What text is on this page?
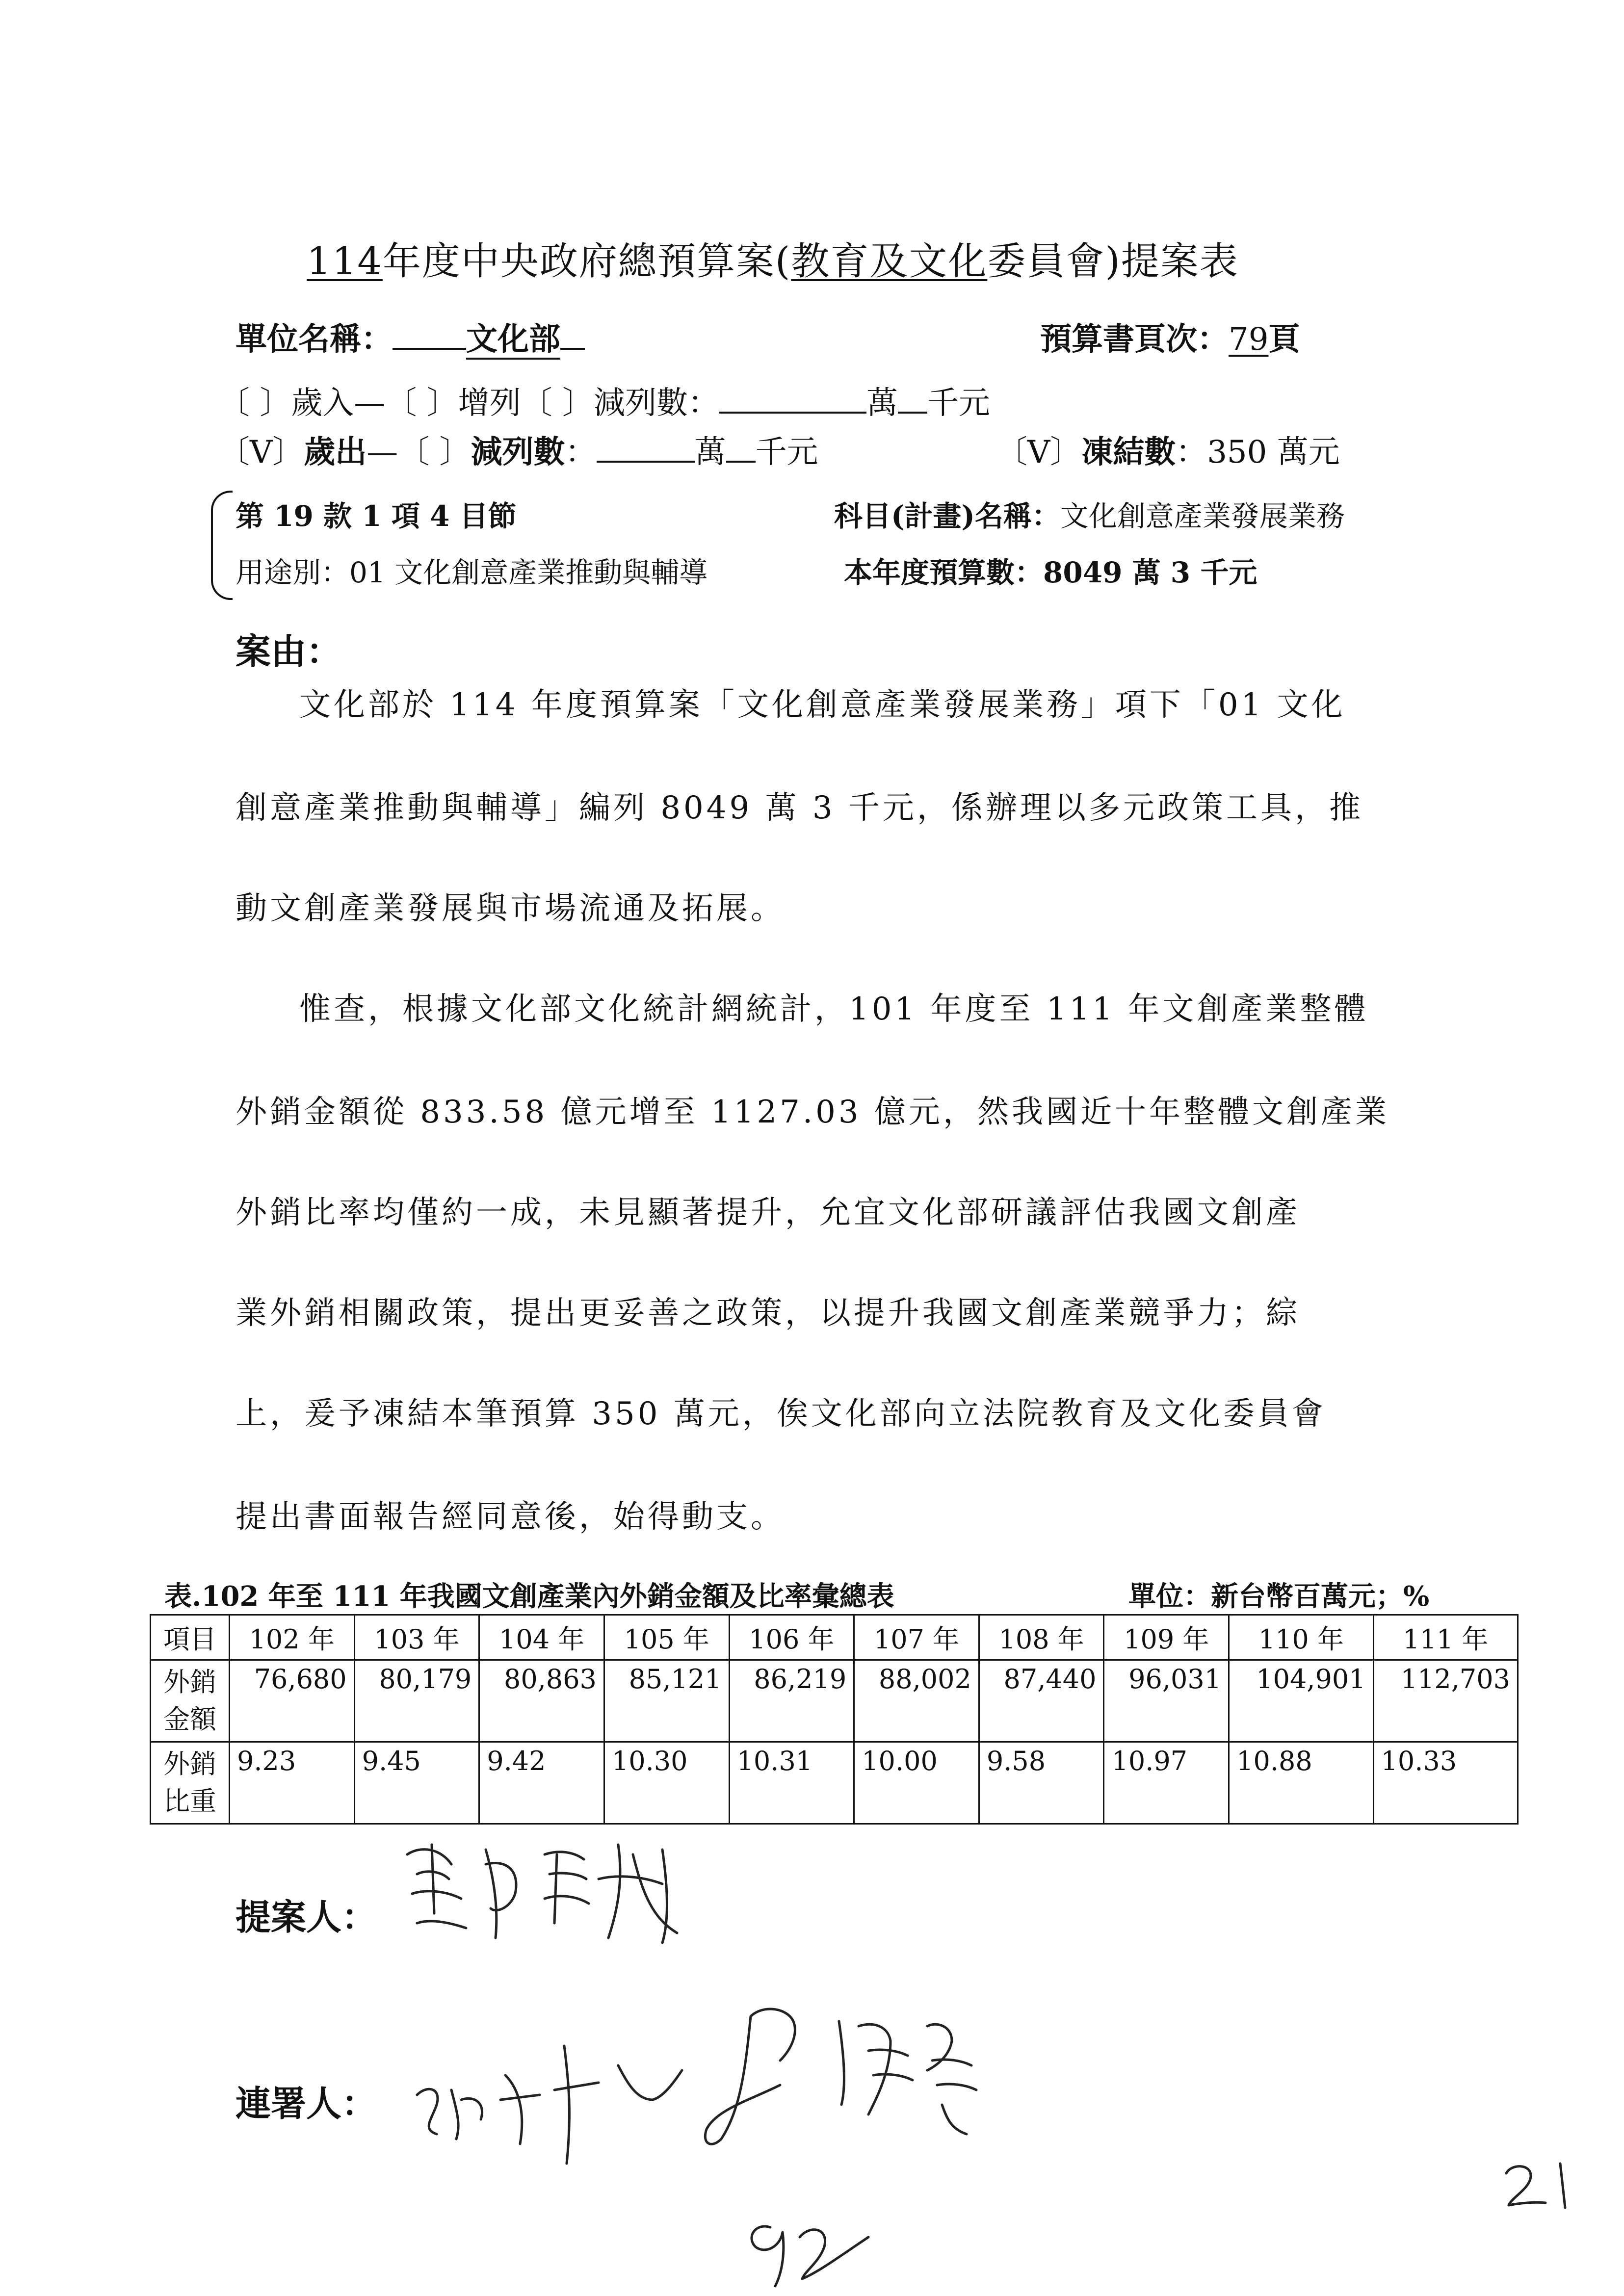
114年度中央政府總預算案(教育及文化委員會)提案表
單位名稱： 文化部	預算書頁次：79頁
〔 〕歲入—〔 〕增列〔 〕減列數：	萬 千元
〔V〕歲出—〔 〕減列數：	萬 千元	〔V〕凍結數：350 萬元
第 19 款 1 項 4 目節	科目(計畫)名稱：文化創意產業發展業務
用途別：01 文化創意產業推動與輔導	本年度預算數：8049 萬 3 千元
案由：
文化部於 114 年度預算案「文化創意產業發展業務」項下「01 文化
創意產業推動與輔導」編列 8049 萬 3 千元，係辦理以多元政策工具，推
動文創產業發展與市場流通及拓展。
惟查，根據文化部文化統計網統計，101 年度至 111 年文創產業整體
外銷金額從 833.58 億元增至 1127.03 億元，然我國近十年整體文創產業
外銷比率均僅約一成，未見顯著提升，允宜文化部研議評估我國文創產
業外銷相關政策，提出更妥善之政策，以提升我國文創產業競爭力；綜
上，爰予凍結本筆預算 350 萬元，俟文化部向立法院教育及文化委員會
提出書面報告經同意後，始得動支。
表.102 年至 111 年我國文創產業內外銷金額及比率彙總表	單位：新台幣百萬元；%
項目	102 年	103 年	104 年	105 年	106 年	107 年	108 年	109 年	110 年	111 年
外銷金額	76,680	80,179	80,863	85,121	86,219	88,002	87,440	96,031	104,901	112,703
外銷比重	9.23	9.45	9.42	10.30	10.31	10.00	9.58	10.97	10.88	10.33
提案人：
連署人：
